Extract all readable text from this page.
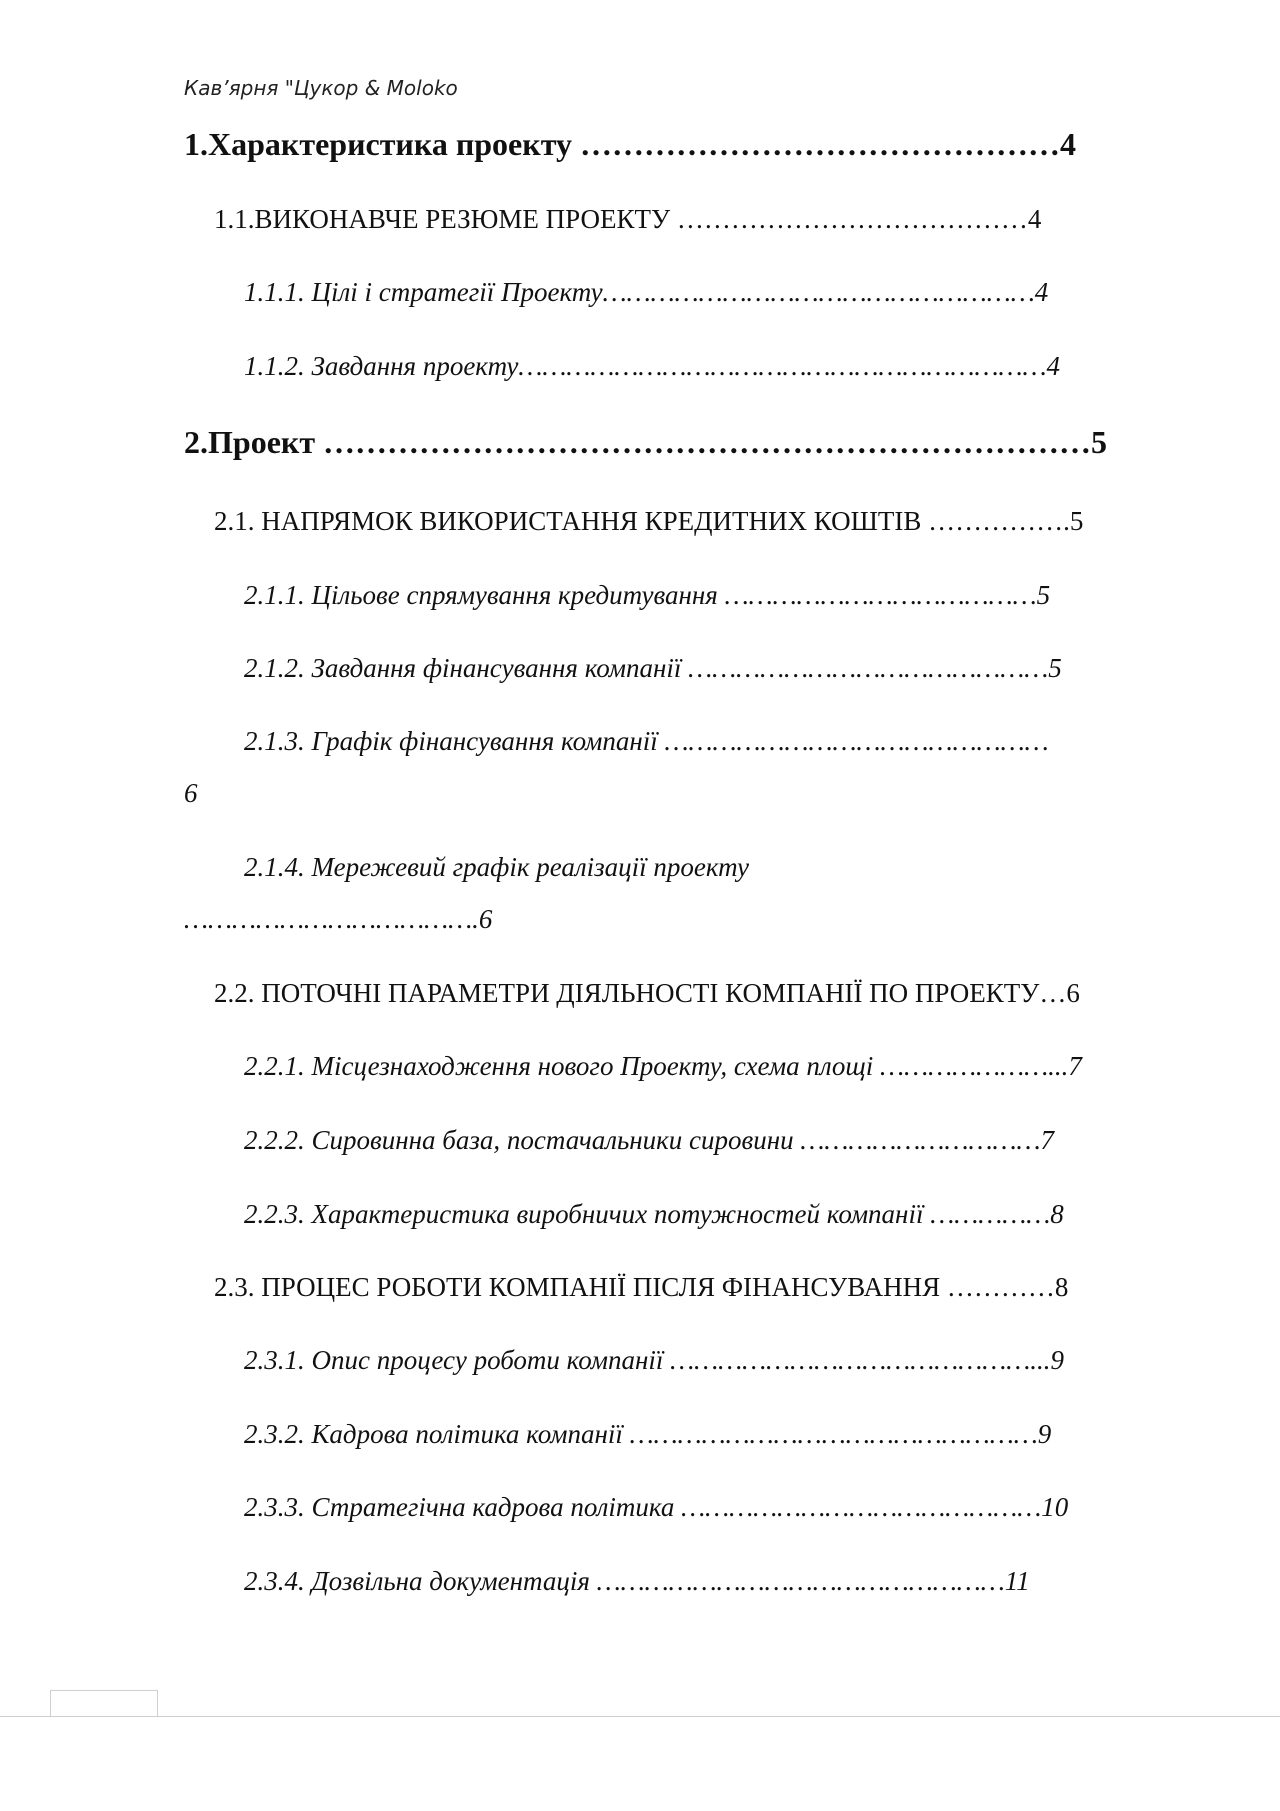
Кав’ярня "Цукор & Moloko
1.Характеристика проекту ………………………………………4
1.1.ВИКОНАВЧЕ РЕЗЮМЕ ПРОЕКТУ …………………………………4
1.1.1. Цілі і стратегії Проекту………………………………………………4
1.1.2. Завдання проекту…………………………………………………………4
2.Проект ………………………………………………………………5
2.1. НАПРЯМОК ВИКОРИСТАННЯ КРЕДИТНИХ КОШТІВ …………….5
2.1.1. Цільове спрямування кредитування …………………………………5
2.1.2. Завдання фінансування компанії ………………………………………5
2.1.3. Графік фінансування компанії …………………………………………
6
2.1.4. Мережевий графік реалізації проекту
……………………………….6
2.2. ПОТОЧНІ ПАРАМЕТРИ ДІЯЛЬНОСТІ КОМПАНІЇ ПО ПРОЕКТУ…6
2.2.1. Місцезнаходження нового Проекту, схема площі …………………...7
2.2.2. Сировинна база, постачальники сировини …………………………7
2.2.3. Характеристика виробничих потужностей компанії ……………8
2.3. ПРОЦЕС РОБОТИ КОМПАНІЇ ПІСЛЯ ФІНАНСУВАННЯ …………8
2.3.1. Опис процесу роботи компанії ………………………………………...9
2.3.2. Кадрова політика компанії ……………………………………………9
2.3.3. Стратегічна кадрова політика ………………………………………10
2.3.4. Дозвільна документація ……………………………………………11
